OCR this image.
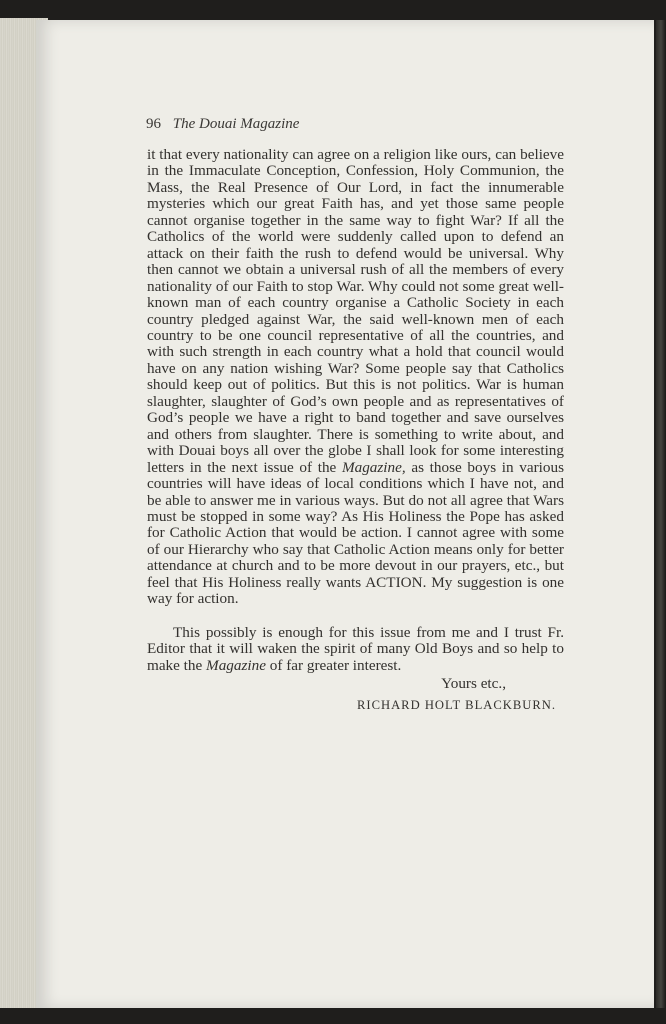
96 The Douai Magazine

it that every nationality can agree on a religion like ours, can believe in the Immaculate Conception, Confession, Holy Communion, the Mass, the Real Presence of Our Lord, in fact the innumerable mysteries which our great Faith has, and yet those same people cannot organise together in the same way to fight War? If all the Catholics of the world were suddenly called upon to defend an attack on their faith the rush to defend would be universal. Why then cannot we obtain a universal rush of all the members of every nationality of our Faith to stop War. Why could not some great well-known man of each country organise a Catholic Society in each country pledged against War, the said well-known men of each country to be one council representative of all the countries, and with such strength in each country what a hold that council would have on any nation wishing War? Some people say that Catholics should keep out of politics. But this is not politics. War is human slaughter, slaughter of God’s own people and as representatives of God’s people we have a right to band together and save ourselves and others from slaughter. There is something to write about, and with Douai boys all over the globe I shall look for some interesting letters in the next issue of the Magazine, as those boys in various countries will have ideas of local conditions which I have not, and be able to answer me in various ways. But do not all agree that Wars must be stopped in some way? As His Holiness the Pope has asked for Catholic Action that would be action. I cannot agree with some of our Hierarchy who say that Catholic Action means only for better attendance at church and to be more devout in our prayers, etc., but feel that His Holiness really wants ACTION. My suggestion is one way for action.

This possibly is enough for this issue from me and I trust Fr. Editor that it will waken the spirit of many Old Boys and so help to make the Magazine of far greater interest.

Yours etc.,

RICHARD HOLT BLACKBURN.
